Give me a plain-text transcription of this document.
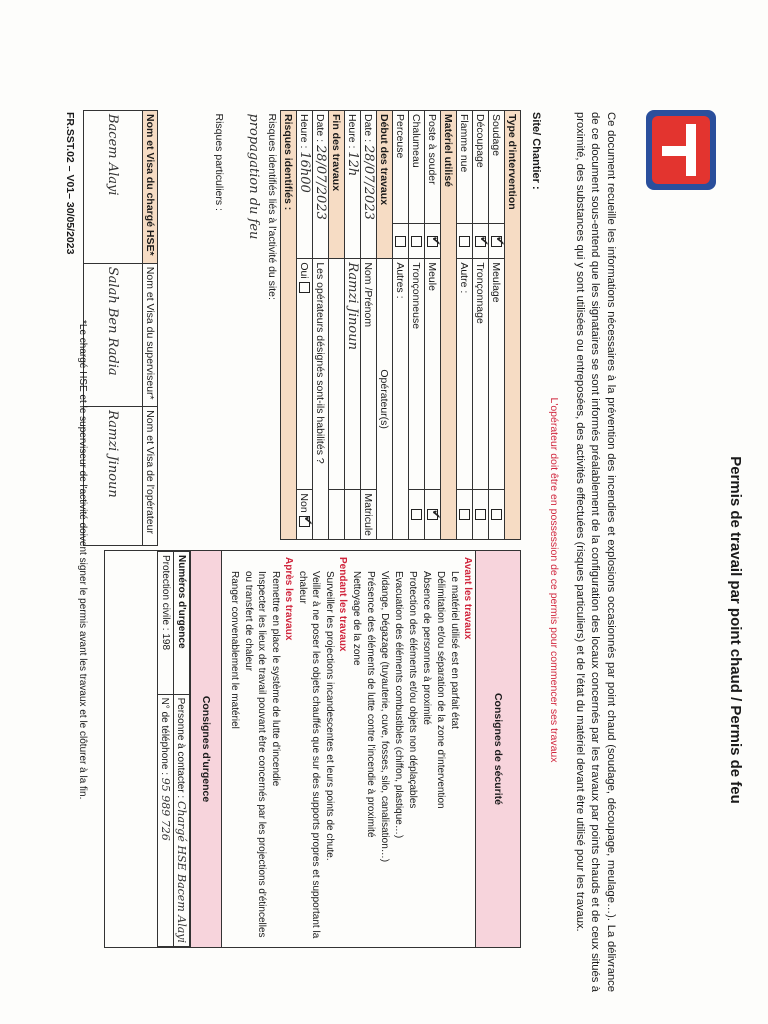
Permis de travail par point chaud / Permis de feu
Ce document recueille les informations nécessaires à la prévention des incendies et explosions occasionnés par point chaud (soudage, découpage, meulage…). La délivrance de ce document sous-entend que les signataires se sont informés préalablement de la configuration des locaux concernés par les travaux par points chauds et de ceux situés à proximité, des substances qui y sont utilisées ou entreposées, des activités effectuées (risques particuliers) et de l'état du matériel devant être utilisé pour les travaux.
L'opérateur doit être en possession de ce permis pour commencer ses travaux
Site/ Chantier :
Type d'intervention			
Soudage	✔	Meulage	
Découpage	✔	Tronçonnage	
Flamme nue		Autre :	
Matériel utilisé			
Poste à souder	✔	Meule	✔
Chalumeau		Tronçonneuse	
Perceuse		Autres :	
Début des travaux		Opérateur(s)	
Date : 28/07/2023		Nom /Prénom	Matricule
Heure : 12h		Ramzi Jinoun	
Fin des travaux			
Date : 28/07/2023		Les opérateurs désignés sont-ils habilités ?	
Heure : 16h00		Oui	Non ✔
Risques identifiés :			
Risques identifiés liés à l'activité du site:			
propagation du feu			
Risques particuliers :			
Nom et Visa du chargé HSE*	Nom et Visa du superviseur*	Nom et Visa de l'opérateur
Bacem Alayi	Salah Ben Radia	Ramzi Jinoun
Consignes de sécurité
Avant les travaux
Le matériel utilisé est en parfait état
Délimitation et/ou séparation de la zone d'intervention
Absence de personnes à proximité
Protection des éléments et/ou objets non déplaçables
Evacuation des éléments combustibles (chiffon, plastique…)
Vidange, Dégazage (tuyauterie, cuve, fosses, silo, canalisation…)
Présence des éléments de lutte contre l'incendie à proximité
Nettoyage de la zone
Pendant les travaux
Surveiller les projections incandescentes et leurs points de chute.
Veiller à ne poser les objets chauffés que sur des supports propres et supportant la chaleur
Après les travaux
Remettre en place le système de lutte d'incendie
Inspecter les lieux de travail pouvant être concernés par les projections d'étincelles ou transfert de chaleur
Ranger convenablement le matériel
Consignes d'urgence
Numéros d'urgence	Personne à contacter : Chargé HSE Bacem Alayi
Protection civile : 198	N° de téléphone : 95 989 726
*Le chargé HSE et le superviseur de l'activité doivent signer le permis avant les travaux et le clôturer à la fin.
FR.SST.02 – V01– 30/05/2023
